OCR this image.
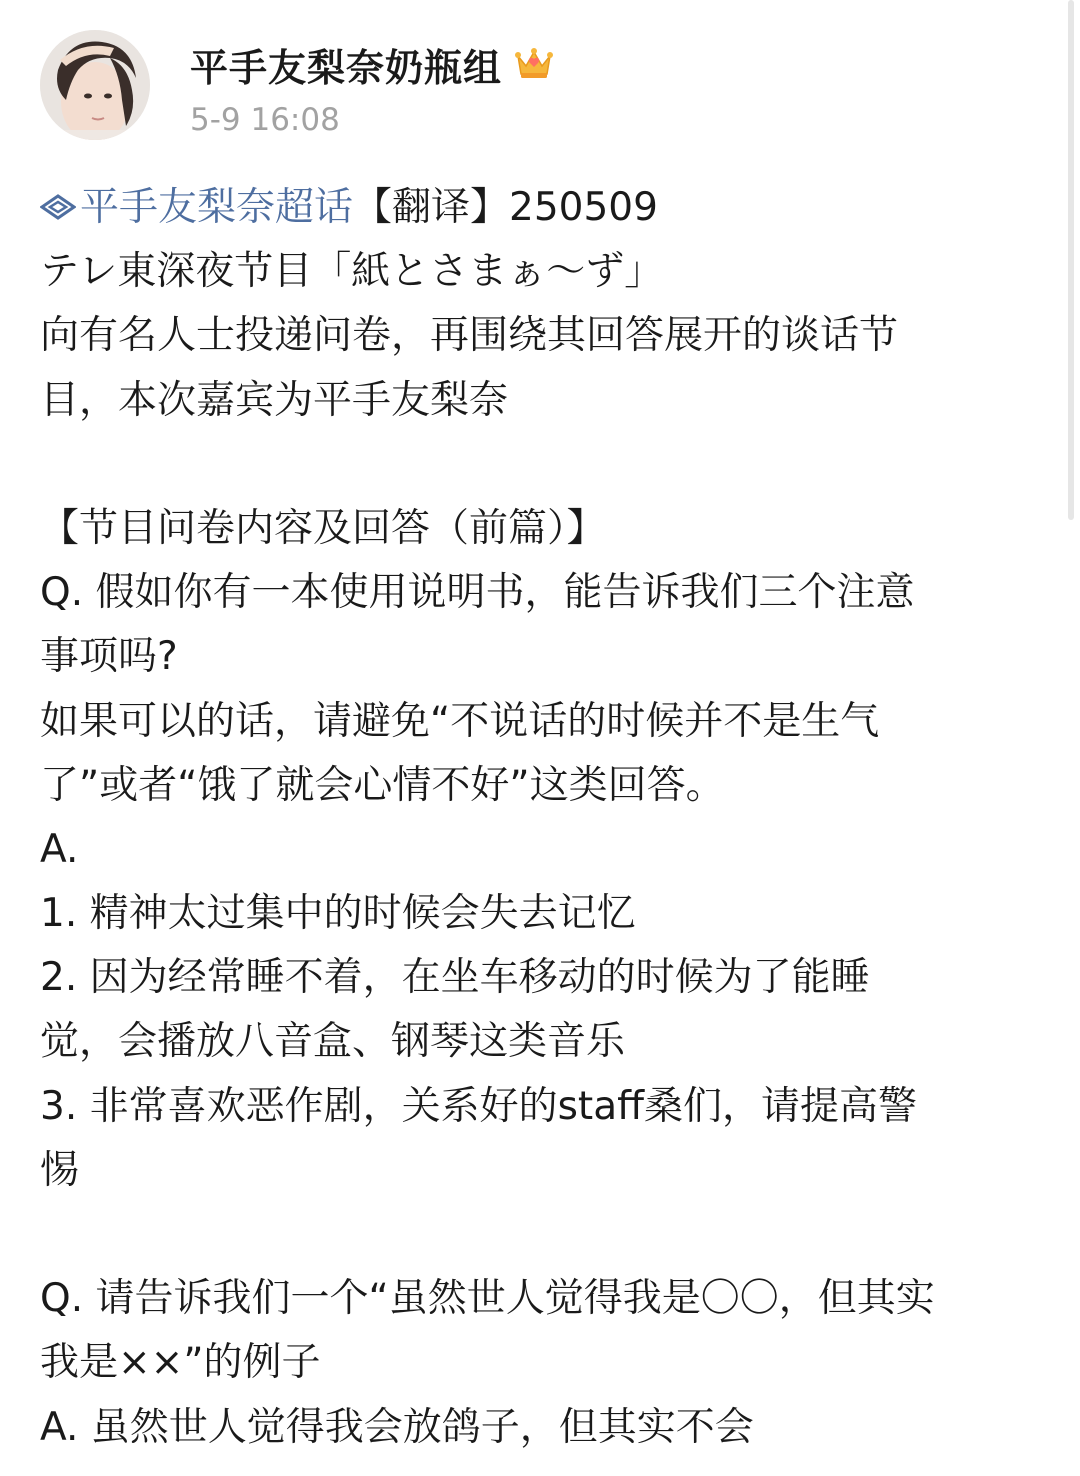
平手友梨奈奶瓶组
5-9 16:08
平手友梨奈超话【翻译】250509
テレ東深夜节目「紙とさまぁ～ず」
向有名人士投递问卷，再围绕其回答展开的谈话节
目，本次嘉宾为平手友梨奈
【节目问卷内容及回答（前篇）】
Q. 假如你有一本使用说明书，能告诉我们三个注意
事项吗?
如果可以的话，请避免“不说话的时候并不是生气
了”或者“饿了就会心情不好”这类回答。
A.
1. 精神太过集中的时候会失去记忆
2. 因为经常睡不着，在坐车移动的时候为了能睡
觉，会播放八音盒、钢琴这类音乐
3. 非常喜欢恶作剧，关系好的staff桑们，请提高警
惕
Q. 请告诉我们一个“虽然世人觉得我是〇〇，但其实
我是××”的例子
A. 虽然世人觉得我会放鸽子，但其实不会
